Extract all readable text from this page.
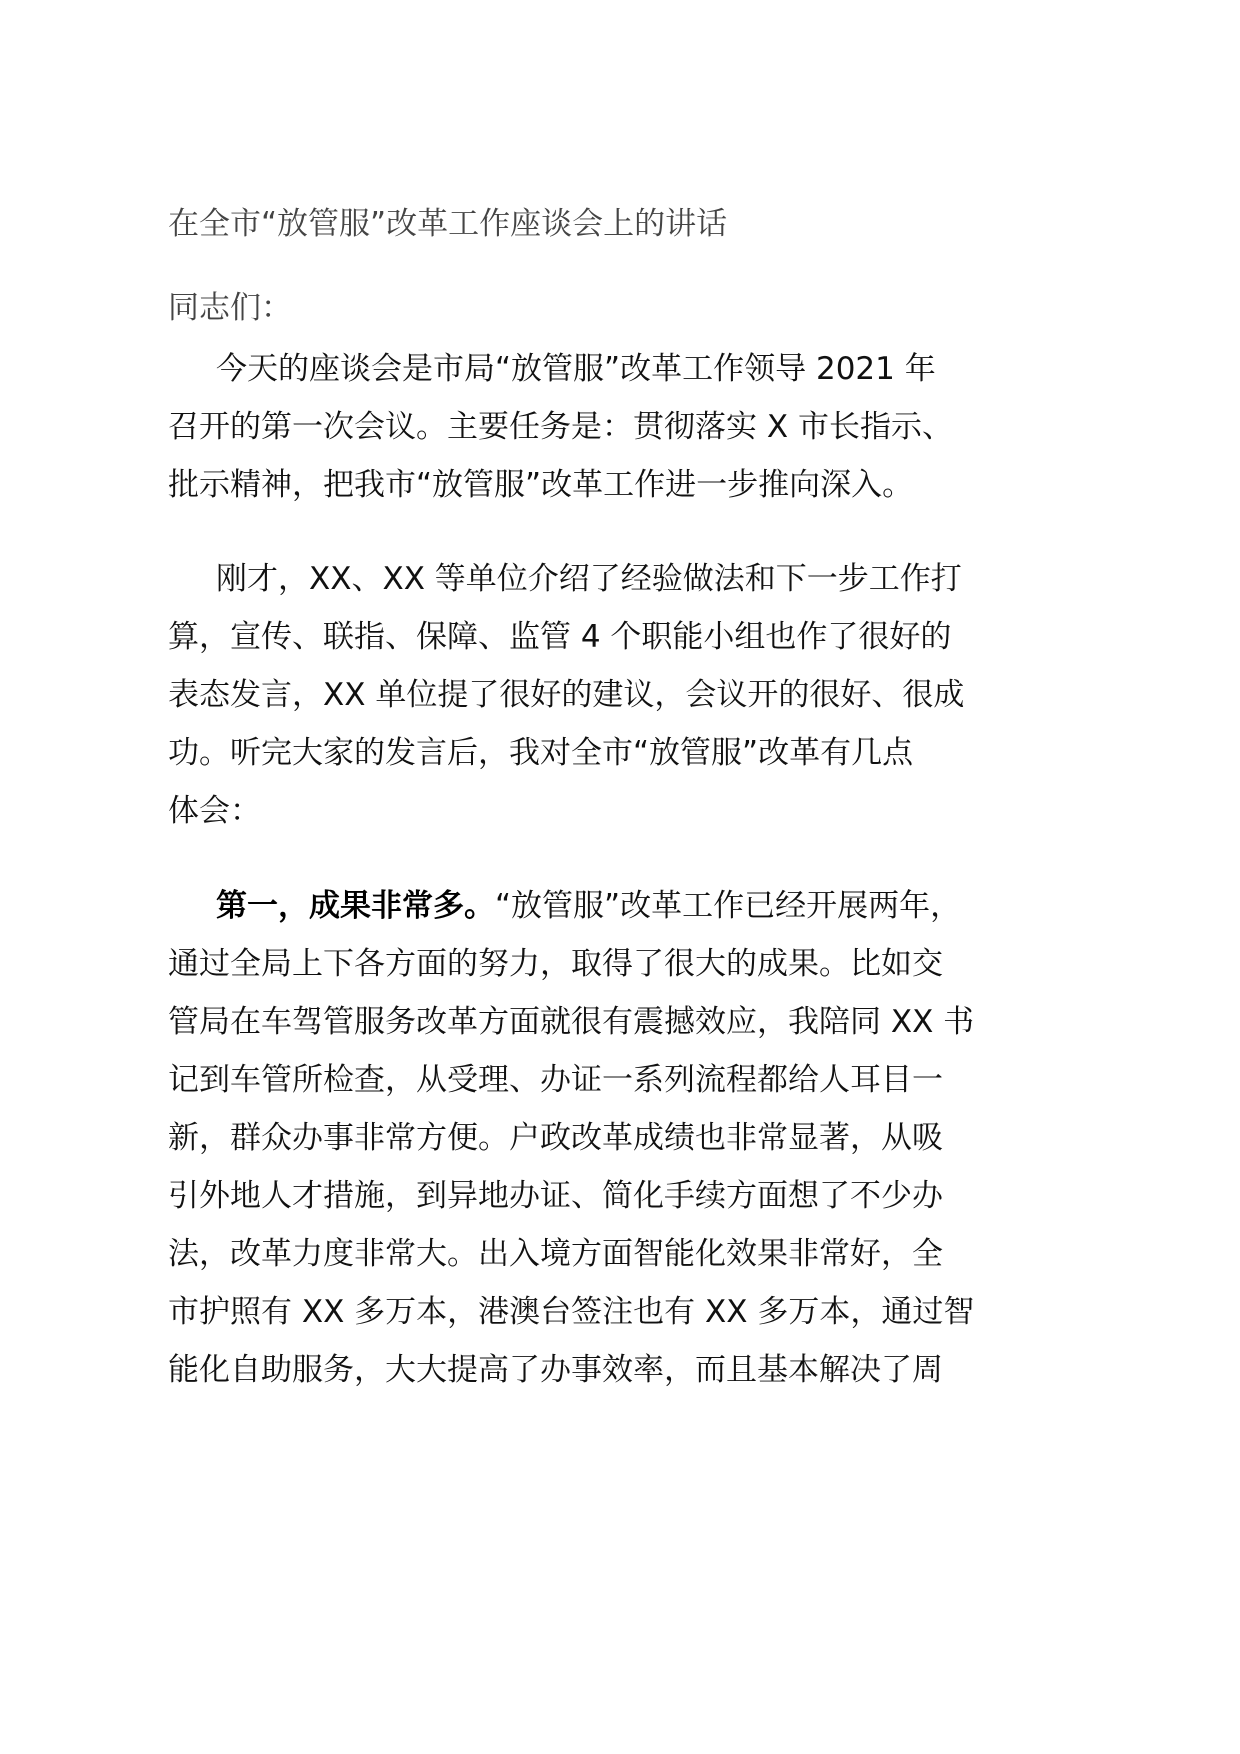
在全市“放管服”改革工作座谈会上的讲话

同志们：

今天的座谈会是市局“放管服”改革工作领导 2021 年
召开的第一次会议。主要任务是：贯彻落实 X 市长指示、
批示精神，把我市“放管服”改革工作进一步推向深入。
刚才，XX、XX 等单位介绍了经验做法和下一步工作打
算，宣传、联指、保障、监管 4 个职能小组也作了很好的
表态发言，XX 单位提了很好的建议，会议开的很好、很成
功。听完大家的发言后，我对全市“放管服”改革有几点
体会：
第一，成果非常多。“放管服”改革工作已经开展两年，
通过全局上下各方面的努力，取得了很大的成果。比如交
管局在车驾管服务改革方面就很有震撼效应，我陪同 XX 书
记到车管所检查，从受理、办证一系列流程都给人耳目一
新，群众办事非常方便。户政改革成绩也非常显著，从吸
引外地人才措施，到异地办证、简化手续方面想了不少办
法，改革力度非常大。出入境方面智能化效果非常好，全
市护照有 XX 多万本，港澳台签注也有 XX 多万本，通过智
能化自助服务，大大提高了办事效率，而且基本解决了周
